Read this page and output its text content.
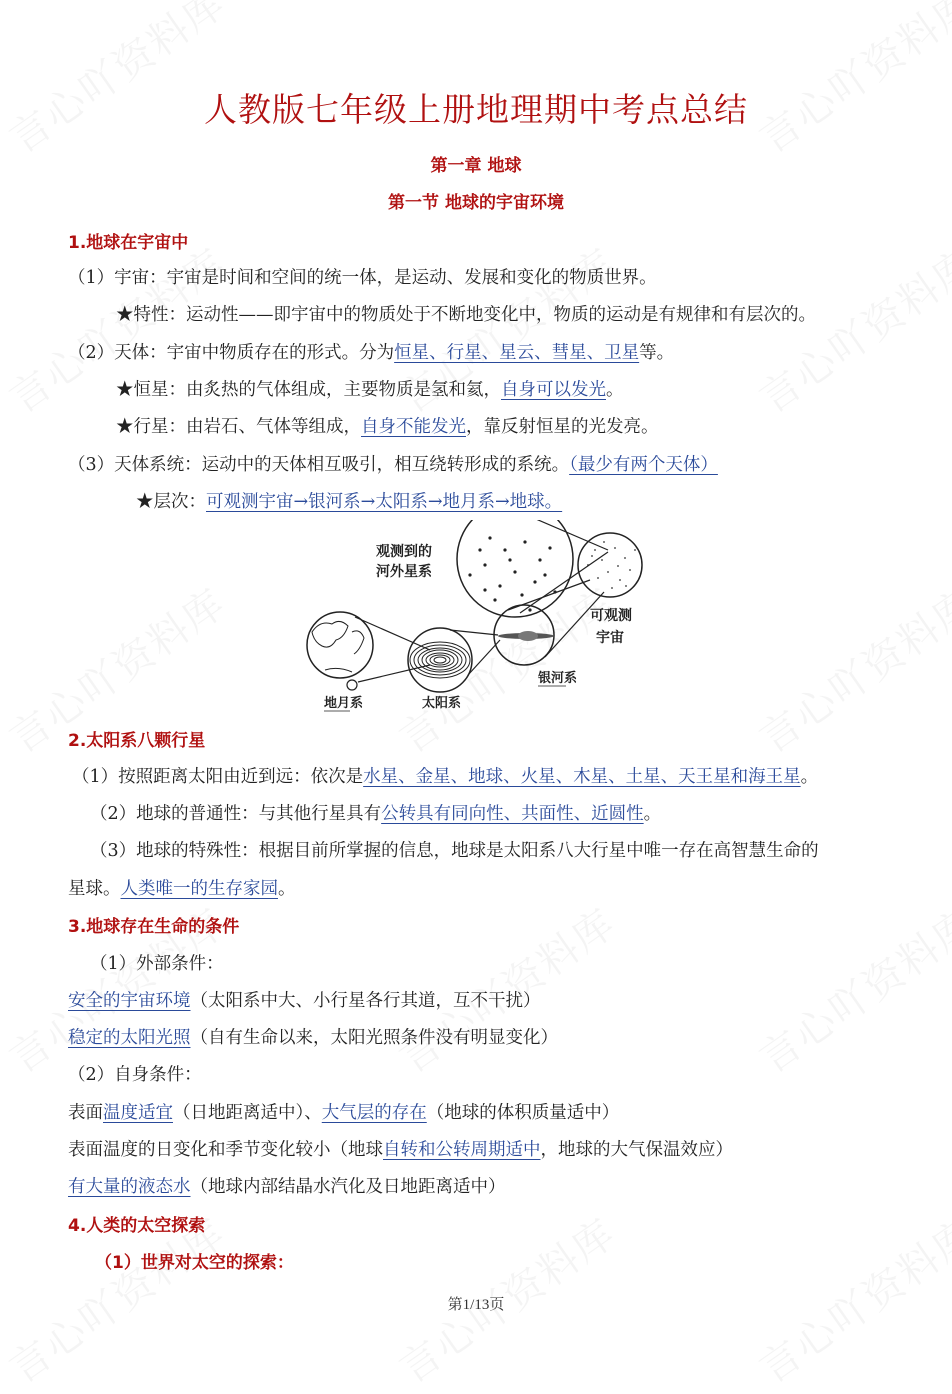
人教版七年级上册地理期中考点总结
第一章 地球
第一节 地球的宇宙环境
1.地球在宇宙中
（1）宇宙：宇宙是时间和空间的统一体，是运动、发展和变化的物质世界。
★特性：运动性——即宇宙中的物质处于不断地变化中，物质的运动是有规律和有层次的。
（2）天体：宇宙中物质存在的形式。分为恒星、行星、星云、彗星、卫星等。
★恒星：由炙热的气体组成，主要物质是氢和氦，自身可以发光。
★行星：由岩石、气体等组成，自身不能发光，靠反射恒星的光发亮。
（3）天体系统：运动中的天体相互吸引，相互绕转形成的系统。（最少有两个天体）
★层次：可观测宇宙→银河系→太阳系→地月系→地球。
观测到的
河外星系
可观测
宇宙
银河系
太阳系
地月系
2.太阳系八颗行星
（1）按照距离太阳由近到远：依次是水星、金星、地球、火星、木星、土星、天王星和海王星。
（2）地球的普通性：与其他行星具有公转具有同向性、共面性、近圆性。
（3）地球的特殊性：根据目前所掌握的信息，地球是太阳系八大行星中唯一存在高智慧生命的
星球。人类唯一的生存家园。
3.地球存在生命的条件
（1）外部条件：
安全的宇宙环境（太阳系中大、小行星各行其道，互不干扰）
稳定的太阳光照（自有生命以来，太阳光照条件没有明显变化）
（2）自身条件：
表面温度适宜（日地距离适中）、大气层的存在（地球的体积质量适中）
表面温度的日变化和季节变化较小（地球自转和公转周期适中，地球的大气保温效应）
有大量的液态水（地球内部结晶水汽化及日地距离适中）
4.人类的太空探索
（1）世界对太空的探索：
第1/13页
